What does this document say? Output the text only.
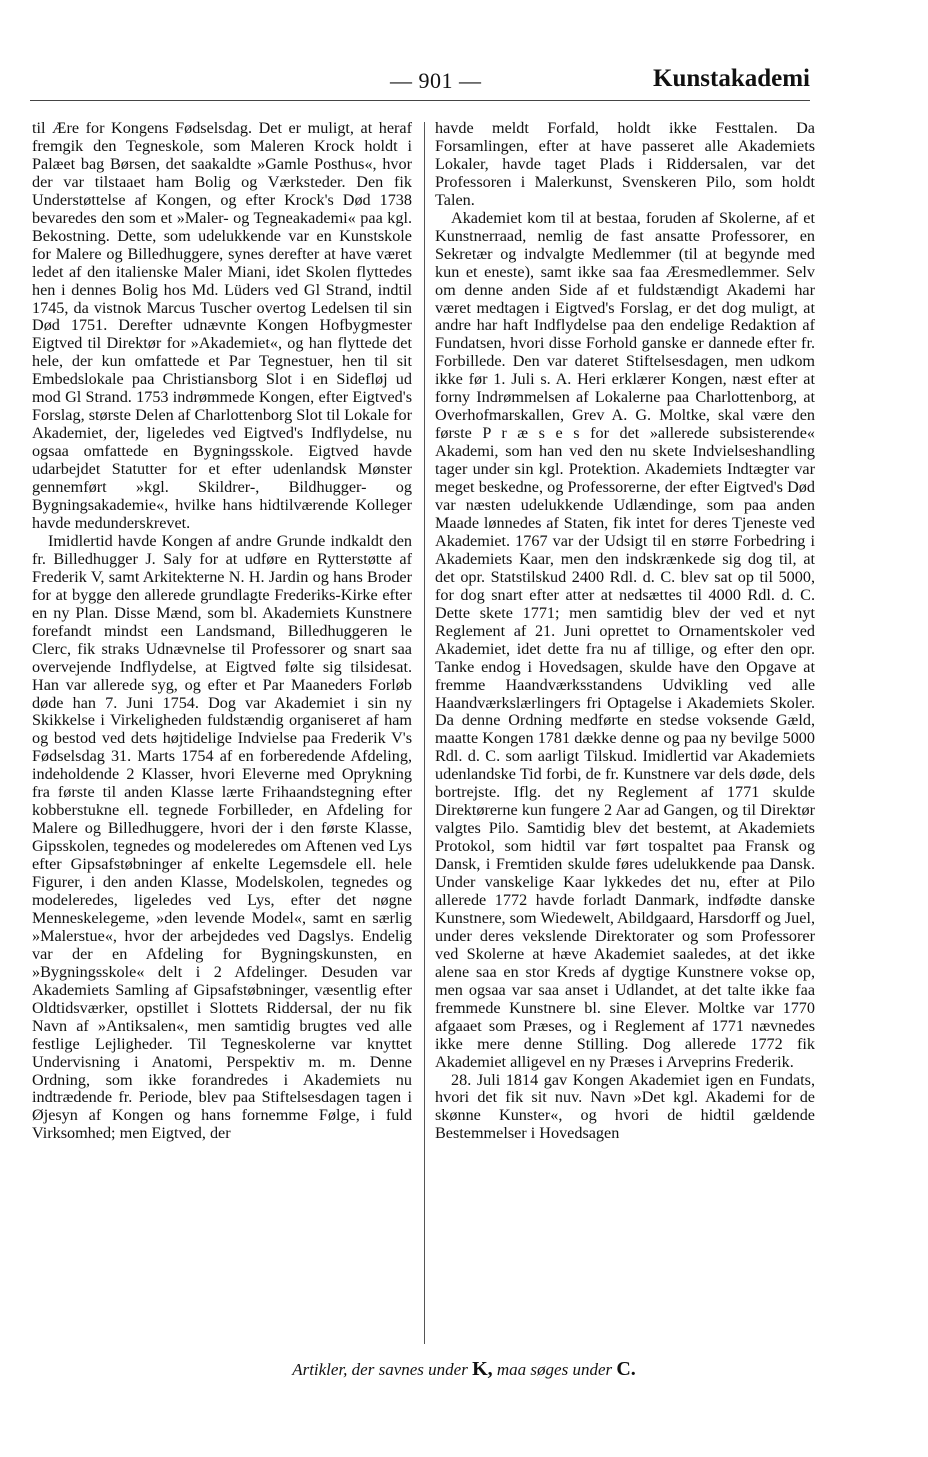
— 901 —	Kunstakademi

til Ære for Kongens Fødselsdag. Det er muligt, at heraf fremgik den Tegneskole, som Maleren Krock holdt i Palæet bag Børsen, det saakaldte »Gamle Posthus«, hvor der var tilstaaet ham Bolig og Værksteder. Den fik Understøttelse af Kongen, og efter Krock's Død 1738 bevaredes den som et »Maler- og Tegneakademi« paa kgl. Bekostning. Dette, som udelukkende var en Kunstskole for Malere og Billedhuggere, synes derefter at have været ledet af den italienske Maler Miani, idet Skolen flyttedes hen i dennes Bolig hos Md. Lüders ved Gl Strand, indtil 1745, da vistnok Marcus Tuscher overtog Ledelsen til sin Død 1751. Derefter udnævnte Kongen Hofbygmester Eigtved til Direktør for »Akademiet«, og han flyttede det hele, der kun omfattede et Par Tegnestuer, hen til sit Embedslokale paa Christiansborg Slot i en Sidefløj ud mod Gl Strand. 1753 indrømmede Kongen, efter Eigtved's Forslag, største Delen af Charlottenborg Slot til Lokale for Akademiet, der, ligeledes ved Eigtved's Indflydelse, nu ogsaa omfattede en Bygningsskole. Eigtved havde udarbejdet Statutter for et efter udenlandsk Mønster gennemført »kgl. Skildrer-, Bildhugger- og Bygningsakademie«, hvilke hans hidtilværende Kolleger havde medunderskrevet.

Imidlertid havde Kongen af andre Grunde indkaldt den fr. Billedhugger J. Saly for at udføre en Rytterstøtte af Frederik V, samt Arkitekterne N. H. Jardin og hans Broder for at bygge den allerede grundlagte Frederiks-Kirke efter en ny Plan. Disse Mænd, som bl. Akademiets Kunstnere forefandt mindst een Landsmand, Billedhuggeren le Clerc, fik straks Udnævnelse til Professorer og snart saa overvejende Indflydelse, at Eigtved følte sig tilsidesat. Han var allerede syg, og efter et Par Maaneders Forløb døde han 7. Juni 1754. Dog var Akademiet i sin ny Skikkelse i Virkeligheden fuldstændig organiseret af ham og bestod ved dets højtidelige Indvielse paa Frederik V's Fødselsdag 31. Marts 1754 af en forberedende Afdeling, indeholdende 2 Klasser, hvori Eleverne med Oprykning fra første til anden Klasse lærte Frihaandstegning efter kobberstukne ell. tegnede Forbilleder, en Afdeling for Malere og Billedhuggere, hvori der i den første Klasse, Gipsskolen, tegnedes og modeleredes om Aftenen ved Lys efter Gipsafstøbninger af enkelte Legemsdele ell. hele Figurer, i den anden Klasse, Modelskolen, tegnedes og modeleredes, ligeledes ved Lys, efter det nøgne Menneskelegeme, »den levende Model«, samt en særlig »Malerstue«, hvor der arbejdedes ved Dagslys. Endelig var der en Afdeling for Bygningskunsten, en »Bygningsskole« delt i 2 Afdelinger. Desuden var Akademiets Samling af Gipsafstøbninger, væsentlig efter Oldtidsværker, opstillet i Slottets Riddersal, der nu fik Navn af »Antiksalen«, men samtidig brugtes ved alle festlige Lejligheder. Til Tegneskolerne var knyttet Undervisning i Anatomi, Perspektiv m. m. Denne Ordning, som ikke forandredes i Akademiets nu indtrædende fr. Periode, blev paa Stiftelsesdagen tagen i Øjesyn af Kongen og hans fornemme Følge, i fuld Virksomhed; men Eigtved, der

havde meldt Forfald, holdt ikke Festtalen. Da Forsamlingen, efter at have passeret alle Akademiets Lokaler, havde taget Plads i Riddersalen, var det Professoren i Malerkunst, Svenskeren Pilo, som holdt Talen.

Akademiet kom til at bestaa, foruden af Skolerne, af et Kunstnerraad, nemlig de fast ansatte Professorer, en Sekretær og indvalgte Medlemmer (til at begynde med kun et eneste), samt ikke saa faa Æresmedlemmer. Selv om denne anden Side af et fuldstændigt Akademi har været medtagen i Eigtved's Forslag, er det dog muligt, at andre har haft Indflydelse paa den endelige Redaktion af Fundatsen, hvori disse Forhold ganske er dannede efter fr. Forbillede. Den var dateret Stiftelsesdagen, men udkom ikke før 1. Juli s. A. Heri erklærer Kongen, næst efter at forny Indrømmelsen af Lokalerne paa Charlottenborg, at Overhofmarskallen, Grev A. G. Moltke, skal være den første P r æ s e s for det »allerede subsisterende« Akademi, som han ved den nu skete Indvielseshandling tager under sin kgl. Protektion. Akademiets Indtægter var meget beskedne, og Professorerne, der efter Eigtved's Død var næsten udelukkende Udlændinge, som paa anden Maade lønnedes af Staten, fik intet for deres Tjeneste ved Akademiet. 1767 var der Udsigt til en større Forbedring i Akademiets Kaar, men den indskrænkede sig dog til, at det opr. Statstilskud 2400 Rdl. d. C. blev sat op til 5000, for dog snart efter atter at nedsættes til 4000 Rdl. d. C. Dette skete 1771; men samtidig blev der ved et nyt Reglement af 21. Juni oprettet to Ornamentskoler ved Akademiet, idet dette fra nu af tillige, og efter den opr. Tanke endog i Hovedsagen, skulde have den Opgave at fremme Haandværksstandens Udvikling ved alle Haandværkslærlingers fri Optagelse i Akademiets Skoler. Da denne Ordning medførte en stedse voksende Gæld, maatte Kongen 1781 dække denne og paa ny bevilge 5000 Rdl. d. C. som aarligt Tilskud. Imidlertid var Akademiets udenlandske Tid forbi, de fr. Kunstnere var dels døde, dels bortrejste. Iflg. det ny Reglement af 1771 skulde Direktørerne kun fungere 2 Aar ad Gangen, og til Direktør valgtes Pilo. Samtidig blev det bestemt, at Akademiets Protokol, som hidtil var ført tospaltet paa Fransk og Dansk, i Fremtiden skulde føres udelukkende paa Dansk. Under vanskelige Kaar lykkedes det nu, efter at Pilo allerede 1772 havde forladt Danmark, indfødte danske Kunstnere, som Wiedewelt, Abildgaard, Harsdorff og Juel, under deres vekslende Direktorater og som Professorer ved Skolerne at hæve Akademiet saaledes, at det ikke alene saa en stor Kreds af dygtige Kunstnere vokse op, men ogsaa var saa anset i Udlandet, at det talte ikke faa fremmede Kunstnere bl. sine Elever. Moltke var 1770 afgaaet som Præses, og i Reglement af 1771 nævnedes ikke mere denne Stilling. Dog allerede 1772 fik Akademiet alligevel en ny Præses i Arveprins Frederik.

28. Juli 1814 gav Kongen Akademiet igen en Fundats, hvori det fik sit nuv. Navn »Det kgl. Akademi for de skønne Kunster«, og hvori de hidtil gældende Bestemmelser i Hovedsagen

Artikler, der savnes under K, maa søges under C.
